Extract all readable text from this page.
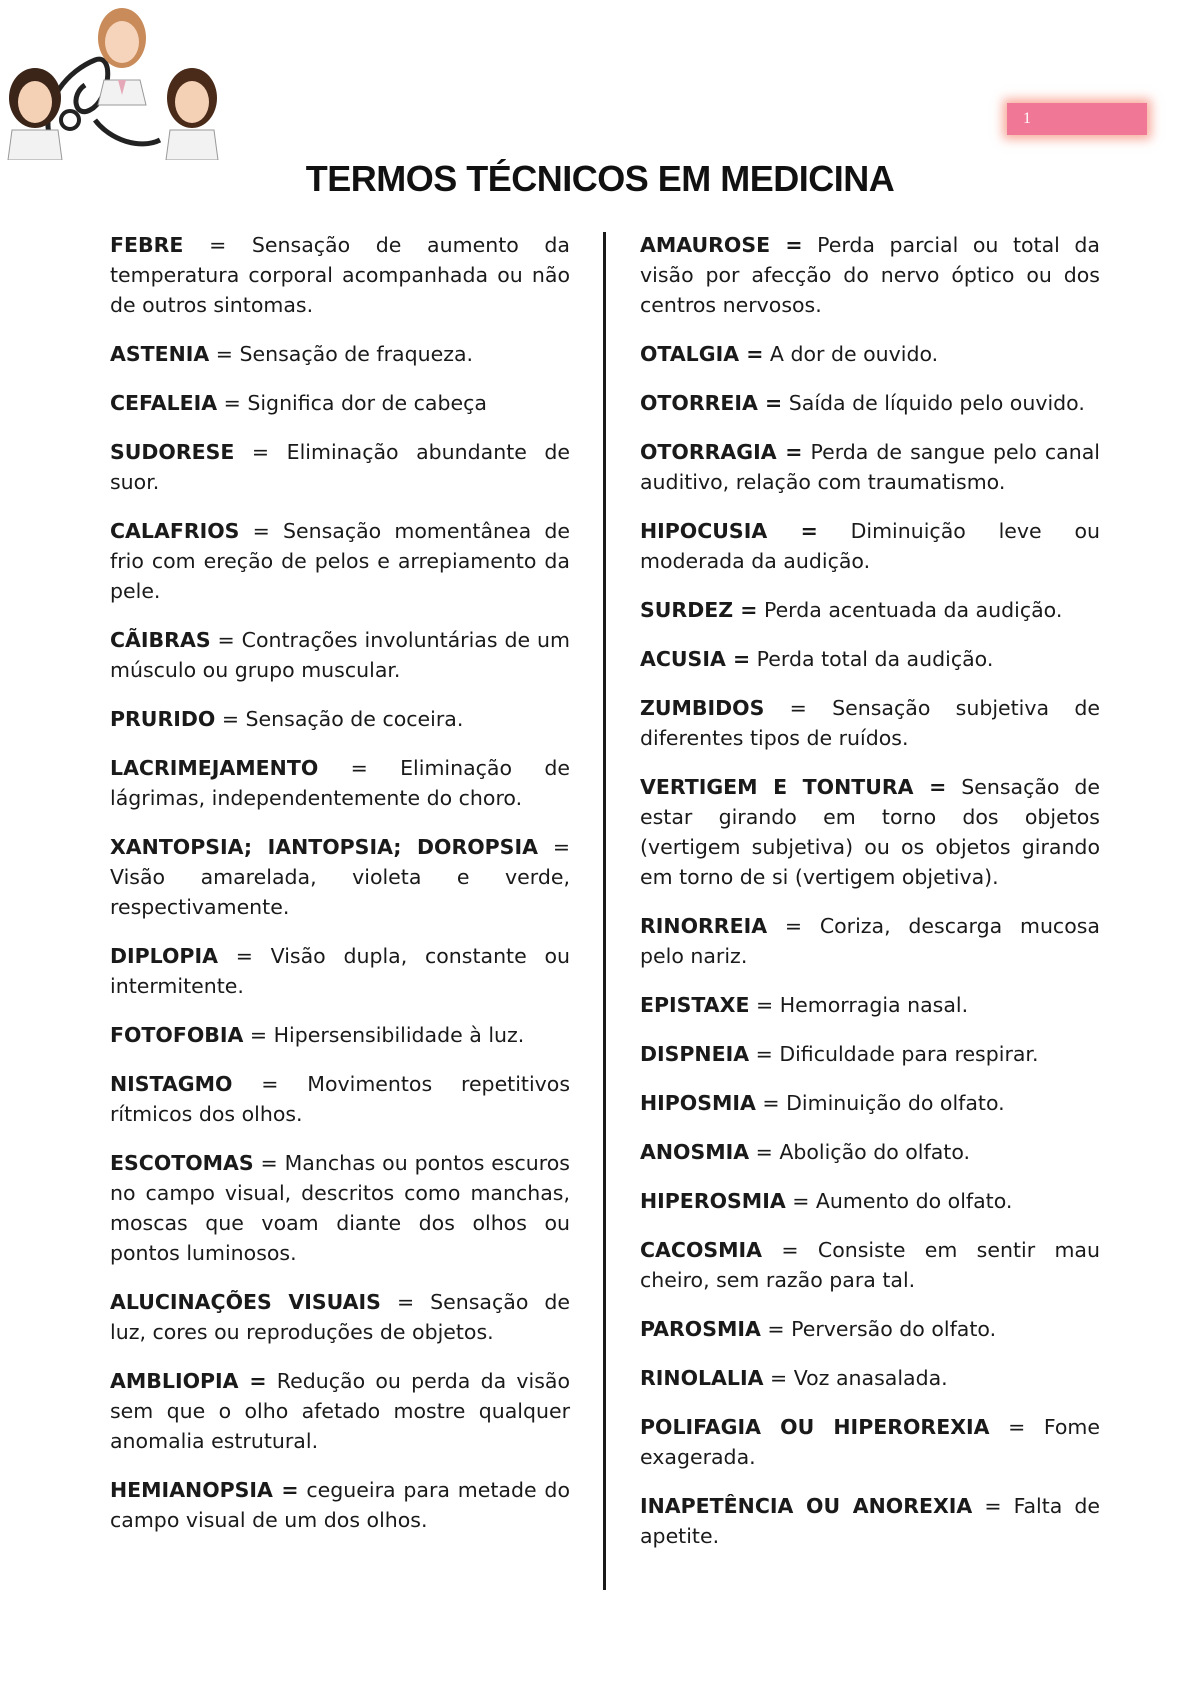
1
TERMOS TÉCNICOS EM MEDICINA

FEBRE = Sensação de aumento da temperatura corporal acompanhada ou não de outros sintomas.

ASTENIA = Sensação de fraqueza.

CEFALEIA = Significa dor de cabeça

SUDORESE = Eliminação abundante de suor.

CALAFRIOS = Sensação momentânea de frio com ereção de pelos e arrepiamento da pele.

CÃIBRAS = Contrações involuntárias de um músculo ou grupo muscular.

PRURIDO = Sensação de coceira.

LACRIMEJAMENTO = Eliminação de lágrimas, independentemente do choro.

XANTOPSIA; IANTOPSIA; DOROPSIA = Visão amarelada, violeta e verde, respectivamente.

DIPLOPIA = Visão dupla, constante ou intermitente.

FOTOFOBIA = Hipersensibilidade à luz.

NISTAGMO = Movimentos repetitivos rítmicos dos olhos.

ESCOTOMAS = Manchas ou pontos escuros no campo visual, descritos como manchas, moscas que voam diante dos olhos ou pontos luminosos.

ALUCINAÇÕES VISUAIS = Sensação de luz, cores ou reproduções de objetos.

AMBLIOPIA = Redução ou perda da visão sem que o olho afetado mostre qualquer anomalia estrutural.

HEMIANOPSIA = cegueira para metade do campo visual de um dos olhos.

AMAUROSE = Perda parcial ou total da visão por afecção do nervo óptico ou dos centros nervosos.

OTALGIA = A dor de ouvido.

OTORREIA = Saída de líquido pelo ouvido.

OTORRAGIA = Perda de sangue pelo canal auditivo, relação com traumatismo.

HIPOCUSIA = Diminuição leve ou moderada da audição.

SURDEZ = Perda acentuada da audição.

ACUSIA = Perda total da audição.

ZUMBIDOS = Sensação subjetiva de diferentes tipos de ruídos.

VERTIGEM E TONTURA = Sensação de estar girando em torno dos objetos (vertigem subjetiva) ou os objetos girando em torno de si (vertigem objetiva).

RINORREIA = Coriza, descarga mucosa pelo nariz.

EPISTAXE = Hemorragia nasal.

DISPNEIA = Dificuldade para respirar.

HIPOSMIA = Diminuição do olfato.

ANOSMIA = Abolição do olfato.

HIPEROSMIA = Aumento do olfato.

CACOSMIA = Consiste em sentir mau cheiro, sem razão para tal.

PAROSMIA = Perversão do olfato.

RINOLALIA = Voz anasalada.

POLIFAGIA OU HIPEROREXIA = Fome exagerada.

INAPETÊNCIA OU ANOREXIA = Falta de apetite.
